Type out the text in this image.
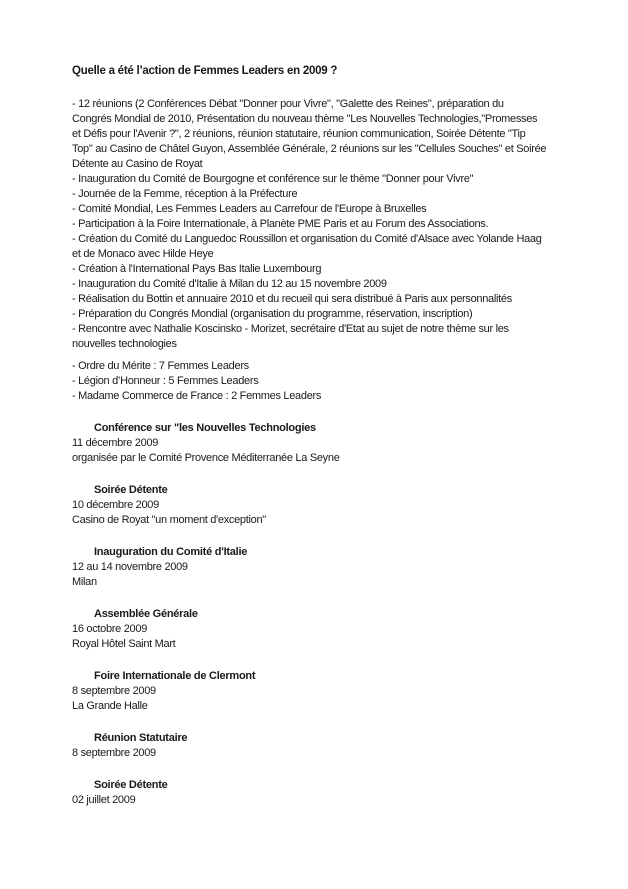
Quelle a été l’action de Femmes Leaders en 2009 ?
- 12 réunions (2 Conférences Débat "Donner pour Vivre", "Galette des Reines", préparation du
Congrés Mondial de 2010, Présentation du nouveau thème "Les Nouvelles Technologies,"Promesses
et Défis pour l'Avenir ?", 2 réunions, réunion statutaire, réunion communication, Soirée Détente "Tip
Top" au Casino de Châtel Guyon, Assemblée Générale, 2 réunions sur les "Cellules Souches" et Soirée
Détente au Casino de Royat
- Inauguration du Comité de Bourgogne et conférence sur le thème "Donner pour Vivre"
- Journée de la Femme, réception à la Préfecture
- Comité Mondial, Les Femmes Leaders au Carrefour de l'Europe à Bruxelles
- Participation à la Foire Internationale, à Planète PME Paris et au Forum des Associations.
- Création du Comité du Languedoc Roussillon et organisation du Comité d'Alsace avec Yolande Haag
et de Monaco avec Hilde Heye
- Création à l'International Pays Bas Italie Luxembourg
- Inauguration du Comité d'Italie à Milan du 12 au 15 novembre 2009
- Réalisation du Bottin et annuaire 2010 et du recueil qui sera distribué à Paris aux personnalités
- Préparation du Congrés Mondial (organisation du programme, réservation, inscription)
- Rencontre avec Nathalie Koscinsko - Morizet, secrétaire d'Etat au sujet de notre thème sur les
nouvelles technologies
- Ordre du Mérite : 7 Femmes Leaders
- Légion d’Honneur : 5 Femmes Leaders
- Madame Commerce de France : 2 Femmes Leaders
Conférence sur "les Nouvelles Technologies
11 décembre 2009
organisée par le Comité Provence Méditerranée La Seyne
Soirée Détente
10 décembre 2009
Casino de Royat "un moment d'exception"
Inauguration du Comité d'Italie
12 au 14 novembre 2009
Milan
Assemblée Générale
16 octobre 2009
Royal Hôtel Saint Mart
Foire Internationale de Clermont
8 septembre 2009
La Grande Halle
Réunion Statutaire
8 septembre 2009
Soirée Détente
02 juillet 2009
